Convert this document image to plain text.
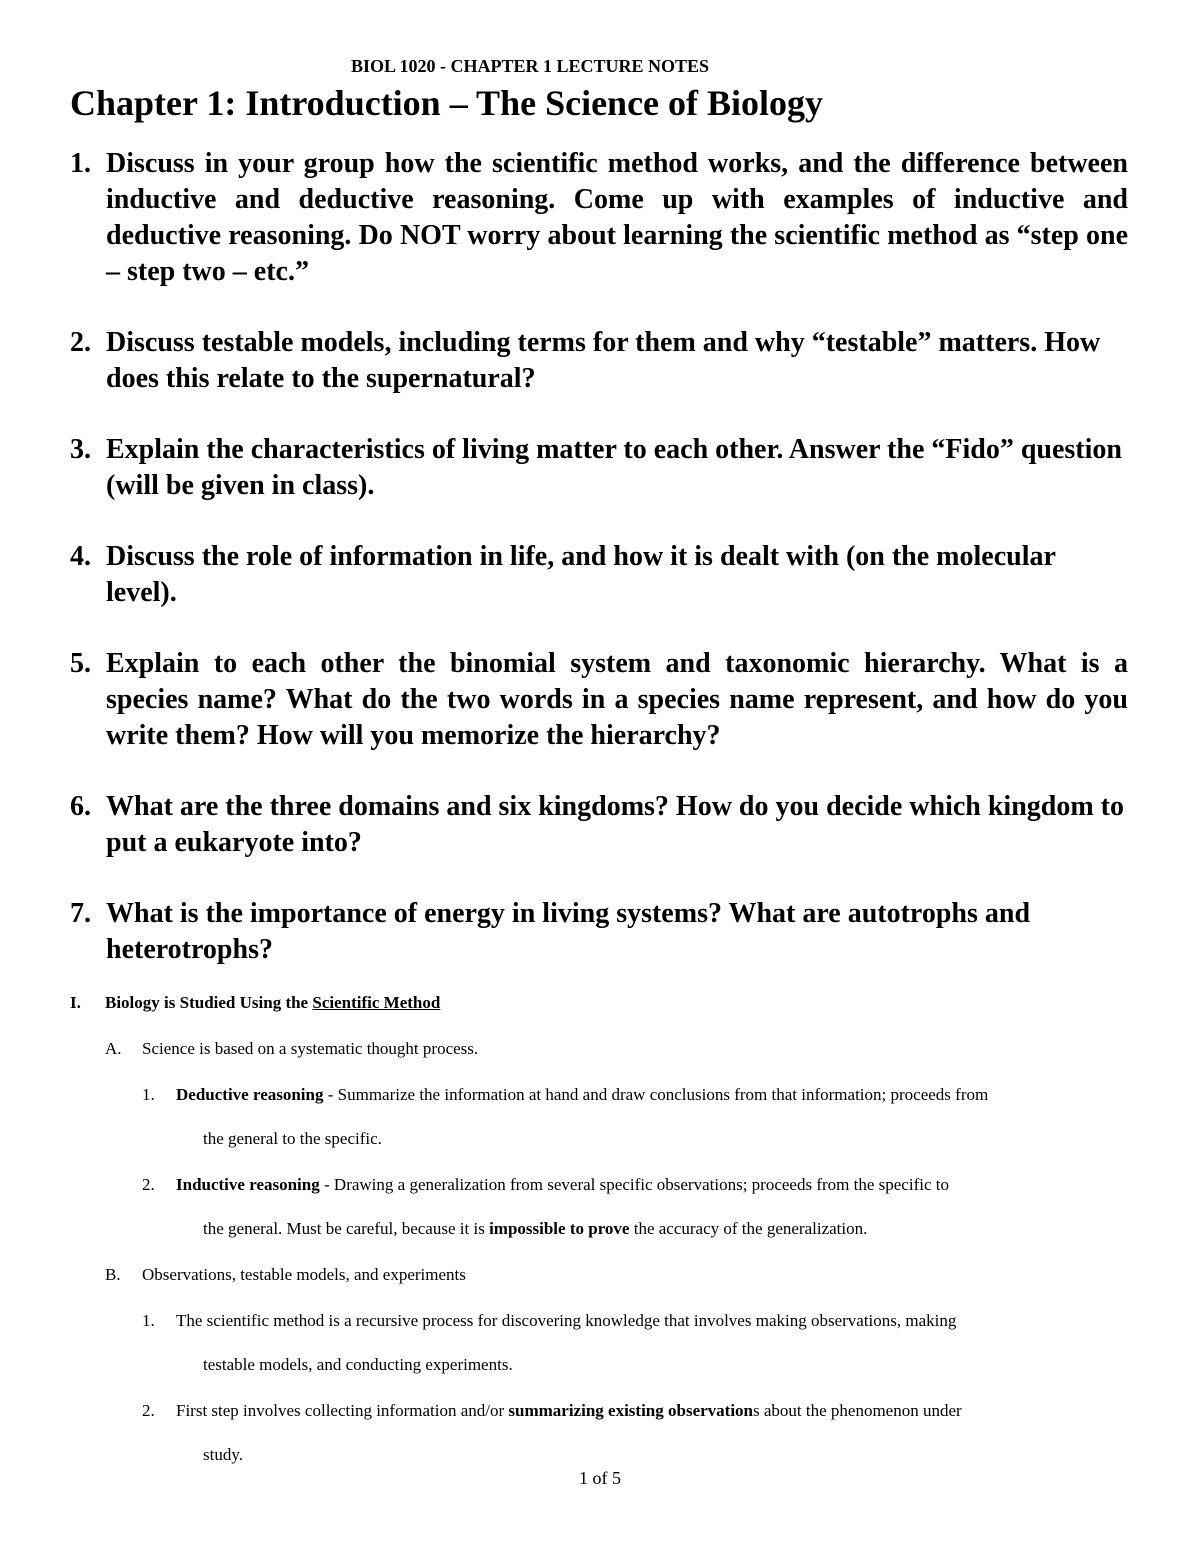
BIOL 1020 - CHAPTER 1 LECTURE NOTES
Chapter 1: Introduction – The Science of Biology
1. Discuss in your group how the scientific method works, and the difference between inductive and deductive reasoning. Come up with examples of inductive and deductive reasoning. Do NOT worry about learning the scientific method as “step one – step two – etc.”
2. Discuss testable models, including terms for them and why “testable” matters. How does this relate to the supernatural?
3. Explain the characteristics of living matter to each other. Answer the “Fido” question (will be given in class).
4. Discuss the role of information in life, and how it is dealt with (on the molecular level).
5. Explain to each other the binomial system and taxonomic hierarchy. What is a species name? What do the two words in a species name represent, and how do you write them? How will you memorize the hierarchy?
6. What are the three domains and six kingdoms? How do you decide which kingdom to put a eukaryote into?
7. What is the importance of energy in living systems? What are autotrophs and heterotrophs?
I. Biology is Studied Using the Scientific Method
A. Science is based on a systematic thought process.
1. Deductive reasoning - Summarize the information at hand and draw conclusions from that information; proceeds from
the general to the specific.
2. Inductive reasoning - Drawing a generalization from several specific observations; proceeds from the specific to
the general. Must be careful, because it is impossible to prove the accuracy of the generalization.
B. Observations, testable models, and experiments
1. The scientific method is a recursive process for discovering knowledge that involves making observations, making
testable models, and conducting experiments.
2. First step involves collecting information and/or summarizing existing observations about the phenomenon under
study.
1 of 5
